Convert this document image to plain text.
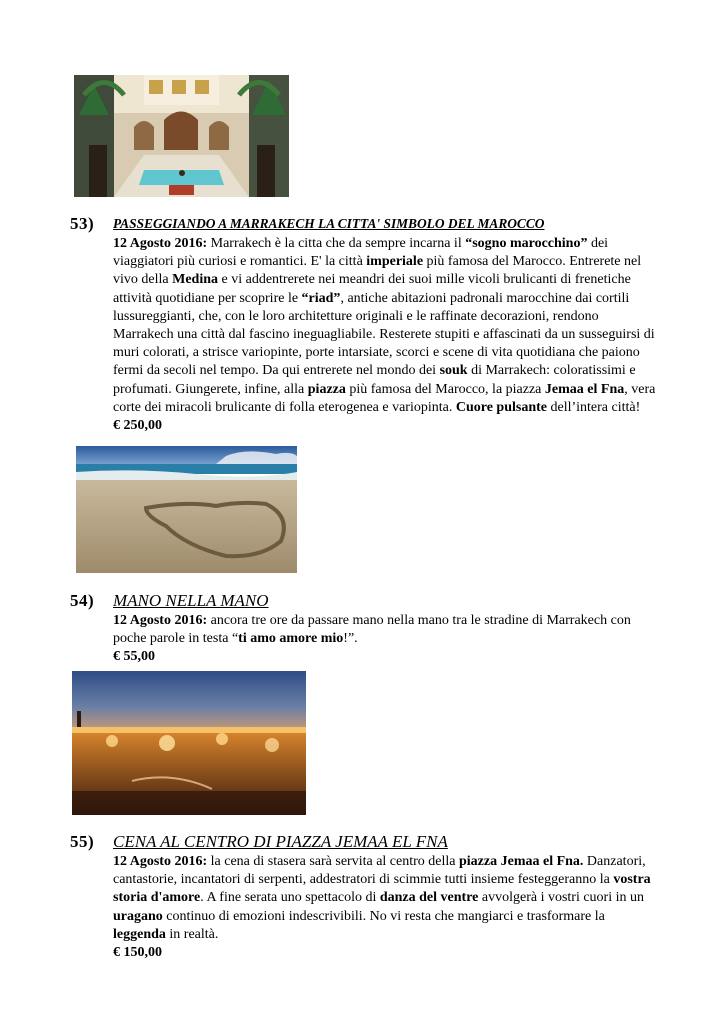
53) PASSEGGIANDO A MARRAKECH LA CITTA' SIMBOLO DEL MAROCCO
12 Agosto 2016: Marrakech è la citta che da sempre incarna il “sogno marocchino” dei viaggiatori più curiosi e romantici. E' la città imperiale più famosa del Marocco. Entrerete nel vivo della Medina e vi addentrerete nei meandri dei suoi mille vicoli brulicanti di frenetiche attività quotidiane per scoprire le “riad”, antiche abitazioni padronali marocchine dai cortili lussureggianti, che, con le loro architetture originali e le raffinate decorazioni, rendono Marrakech una città dal fascino ineguagliabile. Resterete stupiti e affascinati da un susseguirsi di muri colorati, a strisce variopinte, porte intarsiate, scorci e scene di vita quotidiana che paiono fermi da secoli nel tempo. Da qui entrerete nel mondo dei souk di Marrakech: coloratissimi e profumati. Giungerete, infine, alla piazza più famosa del Marocco, la piazza Jemaa el Fna, vera corte dei miracoli brulicante di folla eterogenea e variopinta. Cuore pulsante dell’intera città!
€ 250,00
54) MANO NELLA MANO
12 Agosto 2016: ancora tre ore da passare mano nella mano tra le stradine di Marrakech con poche parole in testa “ti amo amore mio!”.
€ 55,00
55) CENA AL CENTRO DI PIAZZA JEMAA EL FNA
12 Agosto 2016: la cena di stasera sarà servita al centro della piazza Jemaa el Fna. Danzatori, cantastorie, incantatori di serpenti, addestratori di scimmie tutti insieme festeggeranno la vostra storia d'amore. A fine serata uno spettacolo di danza del ventre avvolgerà i vostri cuori in un uragano continuo di emozioni indescrivibili. No vi resta che mangiarci e trasformare la leggenda in realtà.
€ 150,00
